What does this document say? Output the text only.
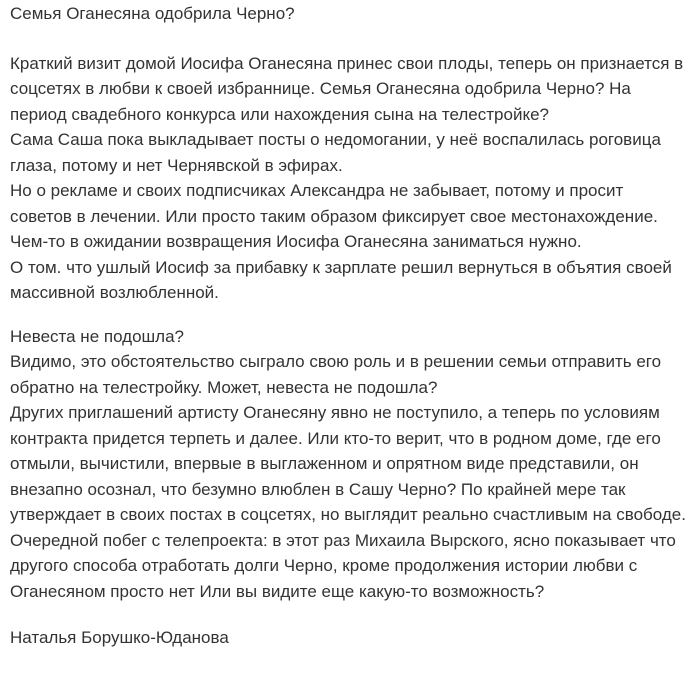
Семья Оганесяна одобрила Черно?

Краткий визит домой Иосифа Оганесяна принес свои плоды, теперь он признается в соцсетях в любви к своей избраннице. Семья Оганесяна одобрила Черно? На период свадебного конкурса или нахождения сына на телестройке?

Сама Саша пока выкладывает посты о недомогании, у неё воспалилась роговица глаза, потому и нет Чернявской в эфирах.

Но о рекламе и своих подписчиках Александра не забывает, потому и просит советов в лечении. Или просто таким образом фиксирует свое местонахождение. Чем-то в ожидании возвращения Иосифа Оганесяна заниматься нужно.

О том. что ушлый Иосиф за прибавку к зарплате решил вернуться в объятия своей массивной возлюбленной.

Невеста не подошла?

Видимо, это обстоятельство сыграло свою роль и в решении семьи отправить его обратно на телестройку. Может, невеста не подошла?

Других приглашений артисту Оганесяну явно не поступило, а теперь по условиям контракта придется терпеть и далее. Или кто-то верит, что в родном доме, где его отмыли, вычистили, впервые в выглаженном и опрятном виде представили, он внезапно осознал, что безумно влюблен в Сашу Черно? По крайней мере так утверждает в своих постах в соцсетях, но выглядит реально счастливым на свободе.

Очередной побег с телепроекта: в этот раз Михаила Вырского, ясно показывает что другого способа отработать долги Черно, кроме продолжения истории любви с Оганесяном просто нет Или вы видите еще какую-то возможность?

Наталья Борушко-Юданова
